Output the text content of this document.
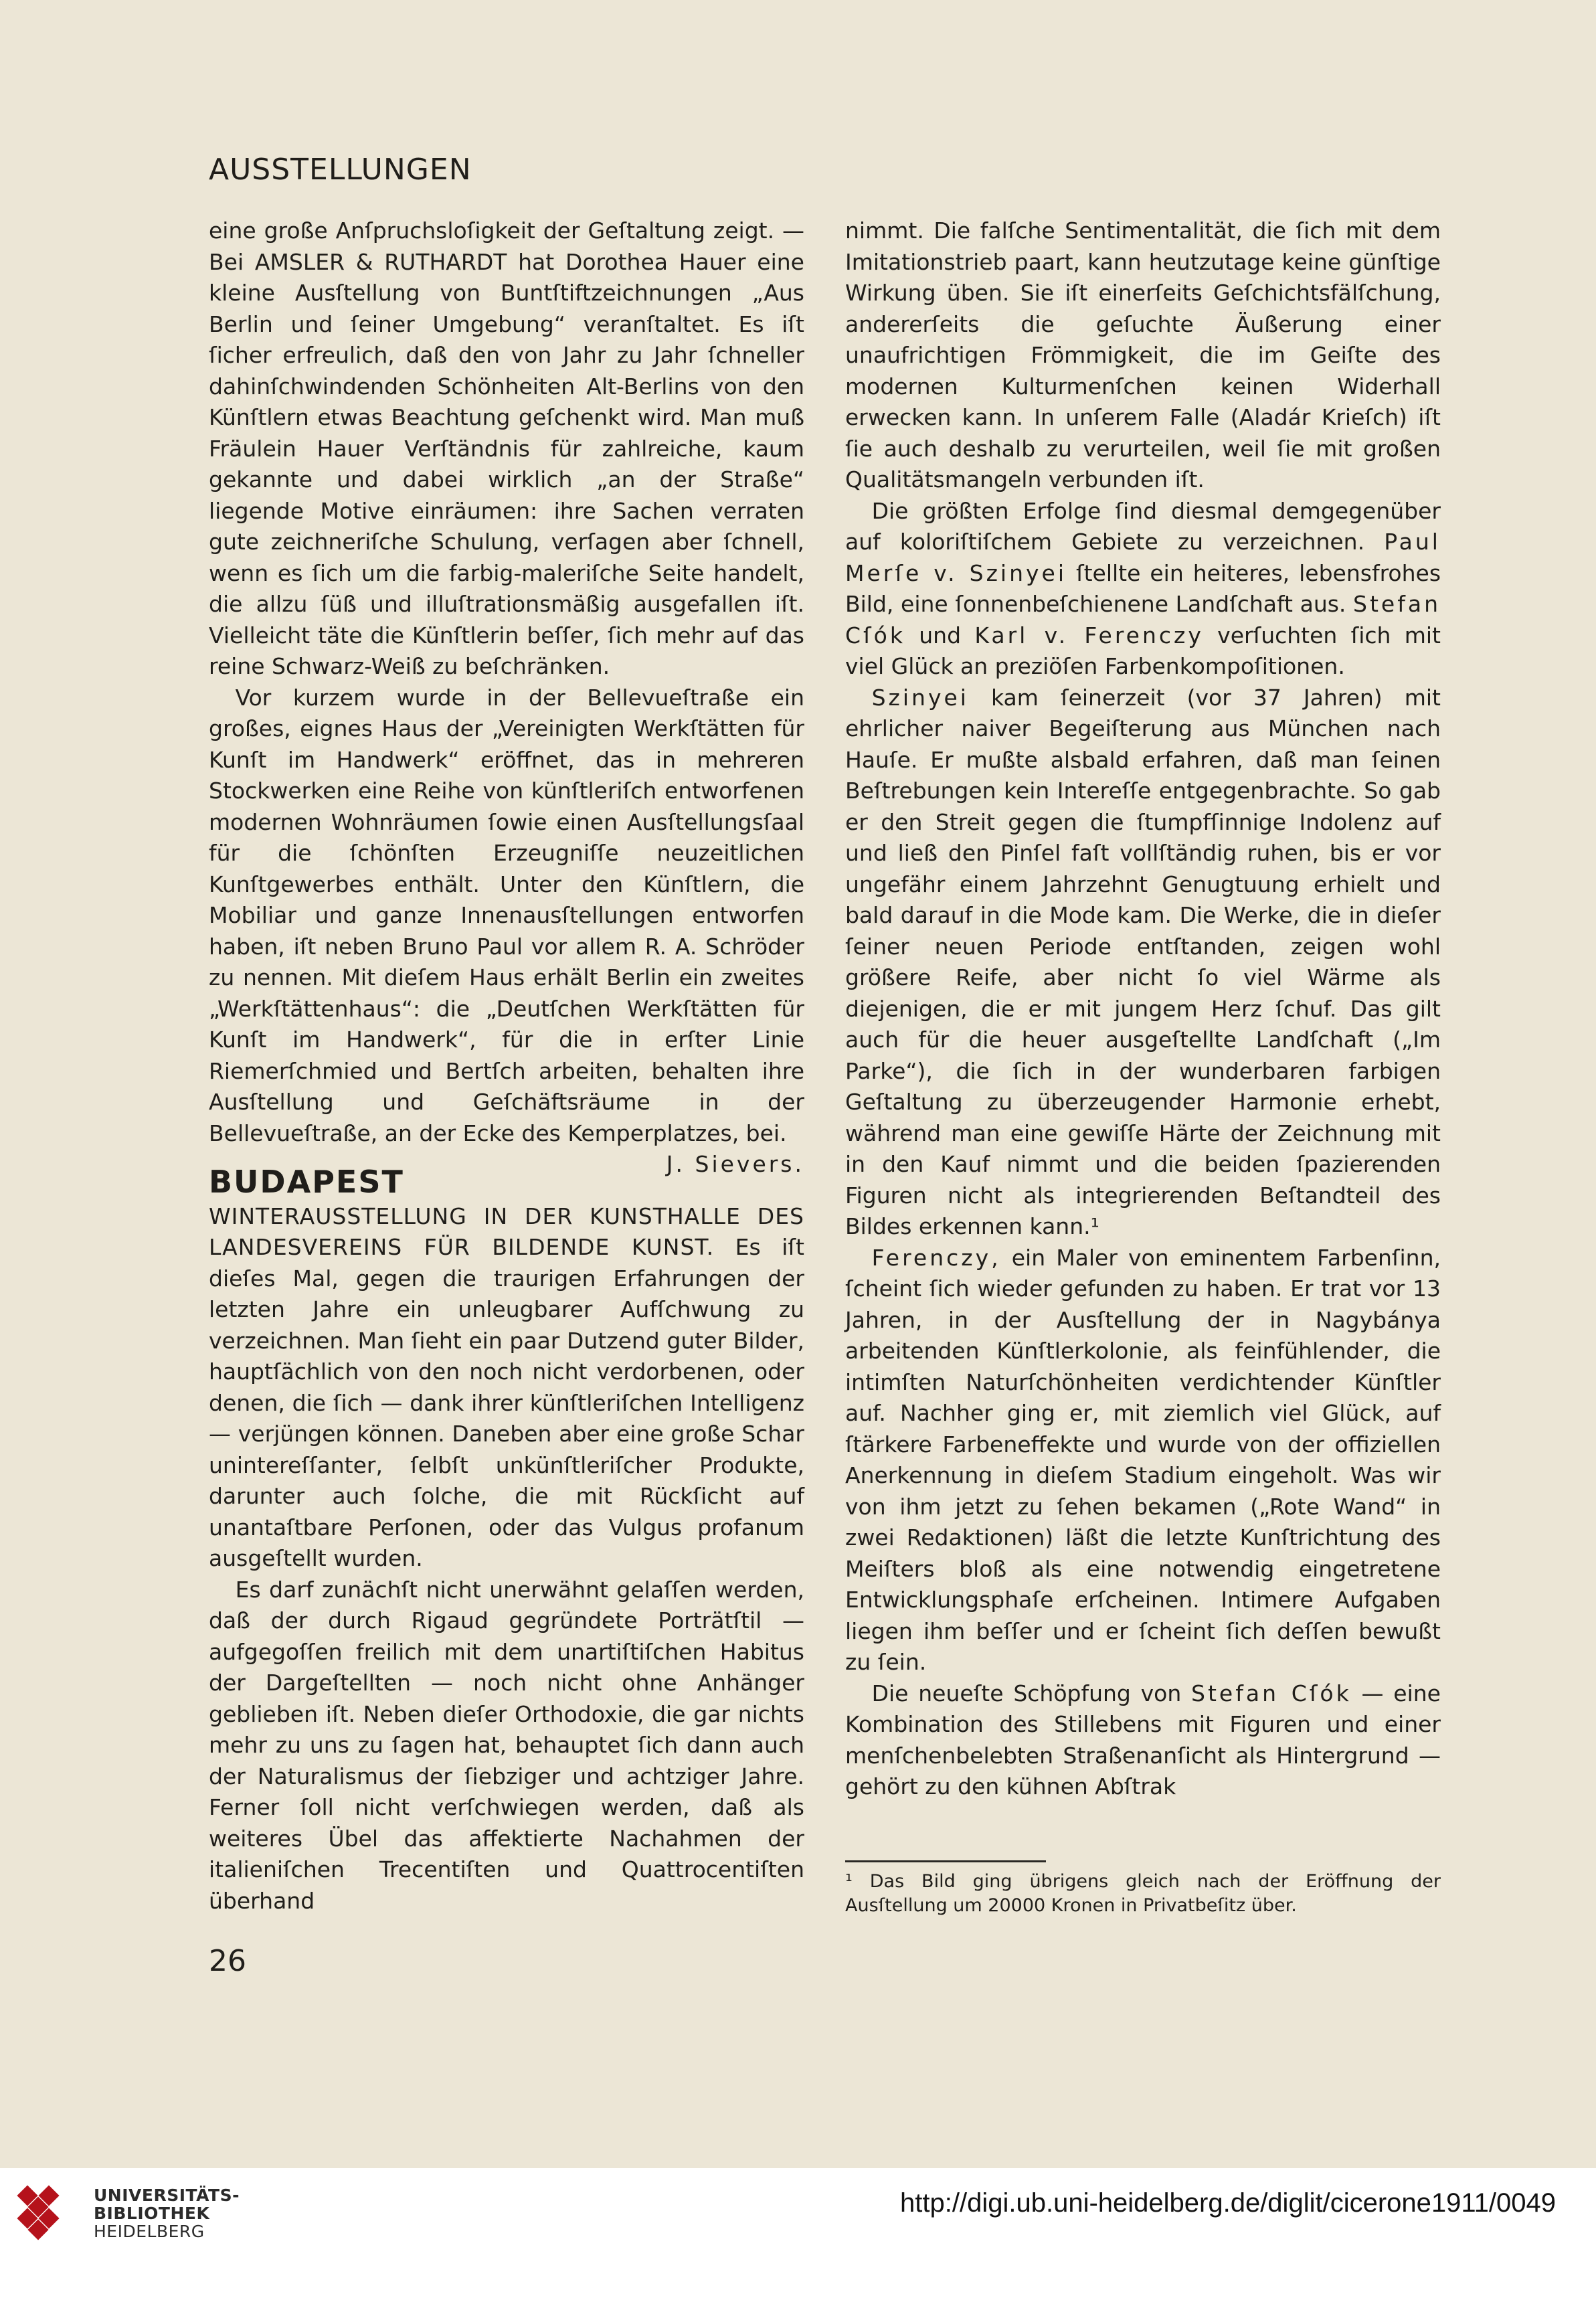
AUSSTELLUNGEN

eine große Anſpruchsloſigkeit der Geſtaltung zeigt. — Bei AMSLER & RUTHARDT hat Dorothea Hauer eine kleine Ausſtellung von Buntſtiftzeichnungen „Aus Berlin und ſeiner Umgebung“ veranſtaltet. Es iſt ſicher erfreulich, daß den von Jahr zu Jahr ſchneller dahinſchwindenden Schönheiten Alt-Berlins von den Künſtlern etwas Beachtung geſchenkt wird. Man muß Fräulein Hauer Verſtändnis für zahlreiche, kaum gekannte und dabei wirklich „an der Straße“ liegende Motive einräumen: ihre Sachen verraten gute zeichneriſche Schulung, verſagen aber ſchnell, wenn es ſich um die farbig-maleriſche Seite handelt, die allzu ſüß und illuſtrationsmäßig ausgefallen iſt. Vielleicht täte die Künſtlerin beſſer, ſich mehr auf das reine Schwarz-Weiß zu beſchränken.

Vor kurzem wurde in der Bellevueſtraße ein großes, eignes Haus der „Vereinigten Werkſtätten für Kunſt im Handwerk“ eröffnet, das in mehreren Stockwerken eine Reihe von künſtleriſch entworfenen modernen Wohnräumen ſowie einen Ausſtellungsſaal für die ſchönſten Erzeugniſſe neuzeitlichen Kunſtgewerbes enthält. Unter den Künſtlern, die Mobiliar und ganze Innenausſtellungen entworfen haben, iſt neben Bruno Paul vor allem R. A. Schröder zu nennen. Mit dieſem Haus erhält Berlin ein zweites „Werkſtättenhaus“: die „Deutſchen Werkſtätten für Kunſt im Handwerk“, für die in erſter Linie Riemerſchmied und Bertſch arbeiten, behalten ihre Ausſtellung und Geſchäftsräume in der Bellevueſtraße, an der Ecke des Kemperplatzes, bei.
J. Sievers.

BUDAPEST WINTERAUSSTELLUNG IN DER KUNSTHALLE DES LANDESVEREINS FÜR BILDENDE KUNST. Es iſt dieſes Mal, gegen die traurigen Erfahrungen der letzten Jahre ein unleugbarer Aufſchwung zu verzeichnen. Man ſieht ein paar Dutzend guter Bilder, hauptſächlich von den noch nicht verdorbenen, oder denen, die ſich — dank ihrer künſtleriſchen Intelligenz — verjüngen können. Daneben aber eine große Schar unintereſſanter, ſelbſt unkünſtleriſcher Produkte, darunter auch ſolche, die mit Rückſicht auf unantaſtbare Perſonen, oder das Vulgus profanum ausgeſtellt wurden.

Es darf zunächſt nicht unerwähnt gelaſſen werden, daß der durch Rigaud gegründete Porträtſtil — aufgegoſſen freilich mit dem unartiſtiſchen Habitus der Dargeſtellten — noch nicht ohne Anhänger geblieben iſt. Neben dieſer Orthodoxie, die gar nichts mehr zu uns zu ſagen hat, behauptet ſich dann auch der Naturalismus der ſiebziger und achtziger Jahre. Ferner ſoll nicht verſchwiegen werden, daß als weiteres Übel das affektierte Nachahmen der italieniſchen Trecentiſten und Quattrocentiſten überhand

nimmt. Die falſche Sentimentalität, die ſich mit dem Imitationstrieb paart, kann heutzutage keine günſtige Wirkung üben. Sie iſt einerſeits Geſchichtsfälſchung, andererſeits die geſuchte Äußerung einer unaufrichtigen Frömmigkeit, die im Geiſte des modernen Kulturmenſchen keinen Widerhall erwecken kann. In unſerem Falle (Aladár Krieſch) iſt ſie auch deshalb zu verurteilen, weil ſie mit großen Qualitätsmangeln verbunden iſt.

Die größten Erfolge ſind diesmal demgegenüber auf koloriſtiſchem Gebiete zu verzeichnen. Paul Merſe v. Szinyei ſtellte ein heiteres, lebensfrohes Bild, eine ſonnenbeſchienene Landſchaft aus. Stefan Cſók und Karl v. Ferenczy verſuchten ſich mit viel Glück an preziöſen Farbenkompoſitionen.

Szinyei kam ſeinerzeit (vor 37 Jahren) mit ehrlicher naiver Begeiſterung aus München nach Hauſe. Er mußte alsbald erfahren, daß man ſeinen Beſtrebungen kein Intereſſe entgegenbrachte. So gab er den Streit gegen die ſtumpfſinnige Indolenz auf und ließ den Pinſel faſt vollſtändig ruhen, bis er vor ungefähr einem Jahrzehnt Genugtuung erhielt und bald darauf in die Mode kam. Die Werke, die in dieſer ſeiner neuen Periode entſtanden, zeigen wohl größere Reife, aber nicht ſo viel Wärme als diejenigen, die er mit jungem Herz ſchuf. Das gilt auch für die heuer ausgeſtellte Landſchaft („Im Parke“), die ſich in der wunderbaren farbigen Geſtaltung zu überzeugender Harmonie erhebt, während man eine gewiſſe Härte der Zeichnung mit in den Kauf nimmt und die beiden ſpazierenden Figuren nicht als integrierenden Beſtandteil des Bildes erkennen kann.¹

Ferenczy, ein Maler von eminentem Farbenſinn, ſcheint ſich wieder gefunden zu haben. Er trat vor 13 Jahren, in der Ausſtellung der in Nagybánya arbeitenden Künſtlerkolonie, als feinfühlender, die intimſten Naturſchönheiten verdichtender Künſtler auf. Nachher ging er, mit ziemlich viel Glück, auf ſtärkere Farbeneffekte und wurde von der offiziellen Anerkennung in dieſem Stadium eingeholt. Was wir von ihm jetzt zu ſehen bekamen („Rote Wand“ in zwei Redaktionen) läßt die letzte Kunſtrichtung des Meiſters bloß als eine notwendig eingetretene Entwicklungsphaſe erſcheinen. Intimere Aufgaben liegen ihm beſſer und er ſcheint ſich deſſen bewußt zu ſein.

Die neueſte Schöpfung von Stefan Cſók — eine Kombination des Stillebens mit Figuren und einer menſchenbelebten Straßenanſicht als Hintergrund — gehört zu den kühnen Abſtrak

¹ Das Bild ging übrigens gleich nach der Eröffnung der Ausſtellung um 20000 Kronen in Privatbeſitz über.
26
UNIVERSITÄTS-
BIBLIOTHEK
HEIDELBERG
http://digi.ub.uni-heidelberg.de/diglit/cicerone1911/0049
